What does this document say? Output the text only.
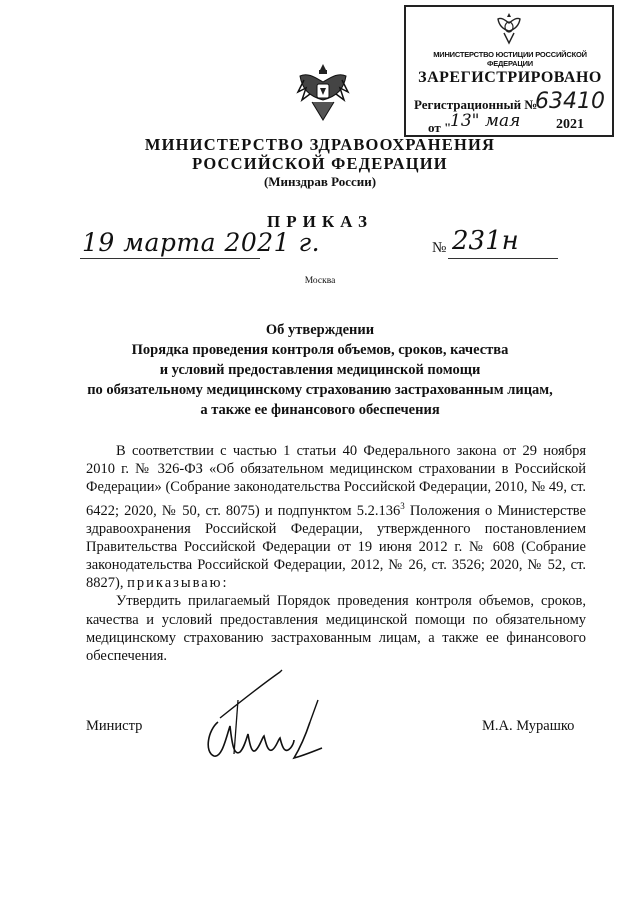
МИНИСТЕРСТВО ЮСТИЦИИ РОССИЙСКОЙ ФЕДЕРАЦИИ
ЗАРЕГИСТРИРОВАНО
Регистрационный №
63410
от "
13" мая	2021
МИНИСТЕРСТВО ЗДРАВООХРАНЕНИЯ
РОССИЙСКОЙ ФЕДЕРАЦИИ
(Минздрав России)
ПРИКАЗ
19 марта 2021 г.	№ 231н
Москва
Об утверждении
Порядка проведения контроля объемов, сроков, качества
и условий предоставления медицинской помощи
по обязательному медицинскому страхованию застрахованным лицам,
а также ее финансового обеспечения
В соответствии с частью 1 статьи 40 Федерального закона от 29 ноября 2010 г. № 326-ФЗ «Об обязательном медицинском страховании в Российской Федерации» (Собрание законодательства Российской Федерации, 2010, № 49, ст. 6422; 2020, № 50, ст. 8075) и подпунктом 5.2.136$^3$ Положения о Министерстве здравоохранения Российской Федерации, утвержденного постановлением Правительства Российской Федерации от 19 июня 2012 г. № 608 (Собрание законодательства Российской Федерации, 2012, № 26, ст. 3526; 2020, № 52, ст. 8827), приказываю:
Утвердить прилагаемый Порядок проведения контроля объемов, сроков, качества и условий предоставления медицинской помощи по обязательному медицинскому страхованию застрахованным лицам, а также ее финансового обеспечения.
Министр	М.А. Мурашко
